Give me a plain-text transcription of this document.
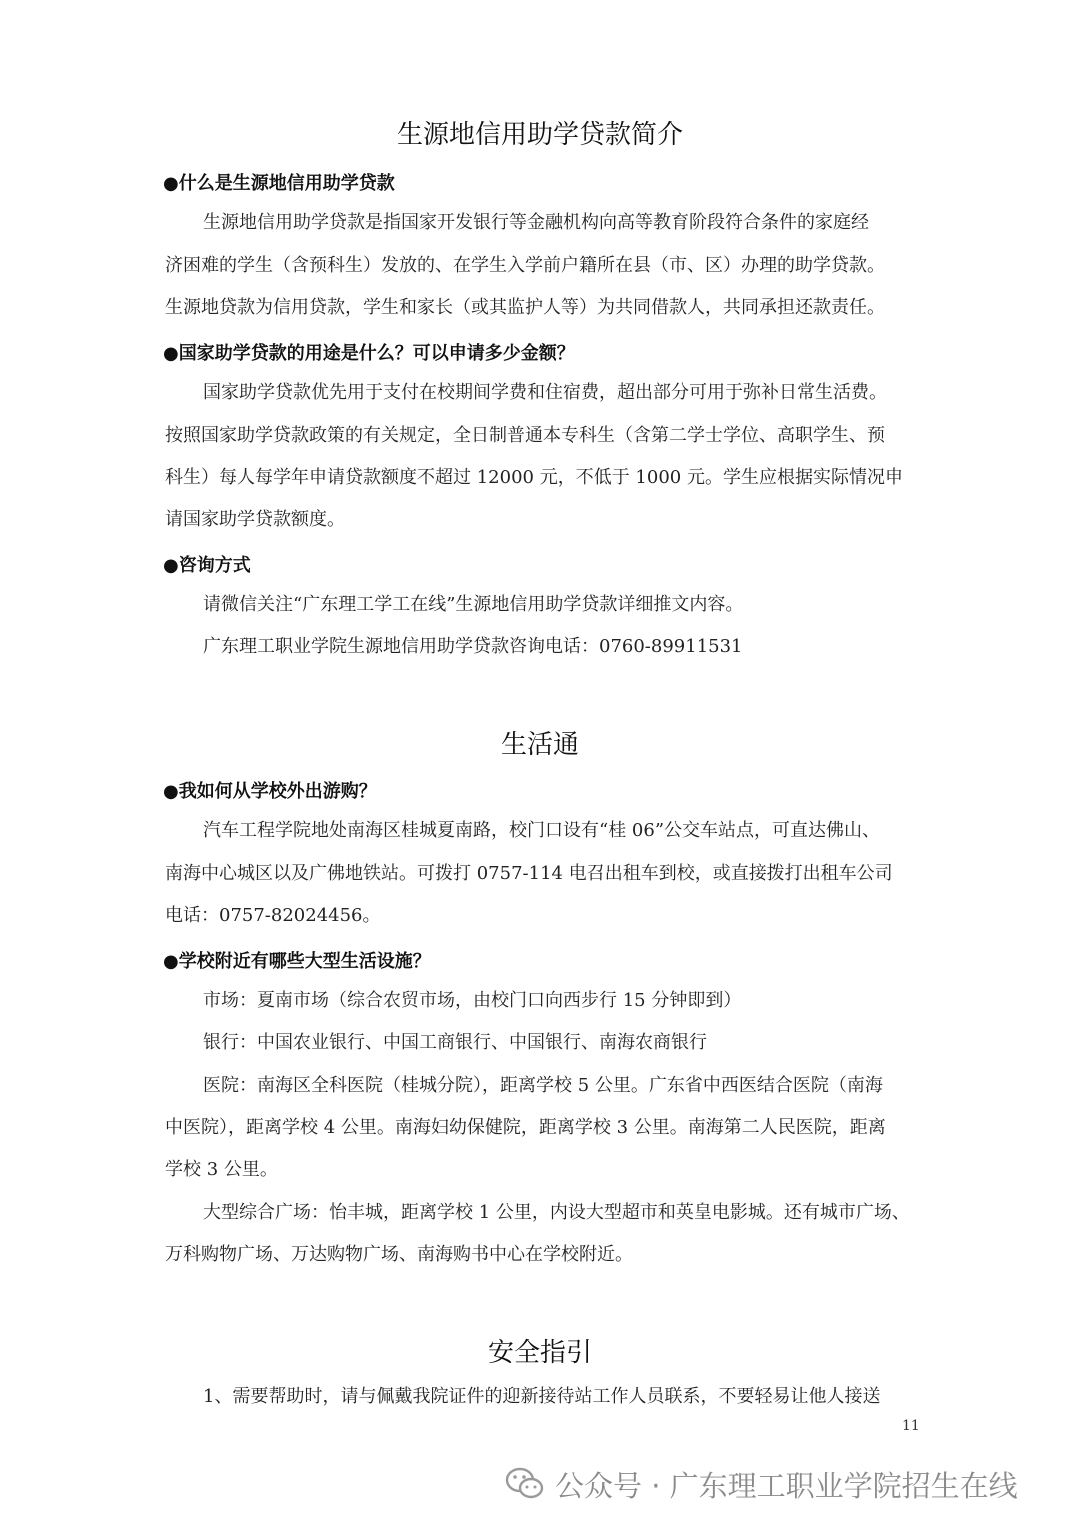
生源地信用助学贷款简介

●什么是生源地信用助学贷款

生源地信用助学贷款是指国家开发银行等金融机构向高等教育阶段符合条件的家庭经

济困难的学生（含预科生）发放的、在学生入学前户籍所在县（市、区）办理的助学贷款。

生源地贷款为信用贷款，学生和家长（或其监护人等）为共同借款人，共同承担还款责任。

●国家助学贷款的用途是什么？可以申请多少金额？

国家助学贷款优先用于支付在校期间学费和住宿费，超出部分可用于弥补日常生活费。

按照国家助学贷款政策的有关规定，全日制普通本专科生（含第二学士学位、高职学生、预

科生）每人每学年申请贷款额度不超过 12000 元，不低于 1000 元。学生应根据实际情况申

请国家助学贷款额度。

●咨询方式

请微信关注“广东理工学工在线”生源地信用助学贷款详细推文内容。

广东理工职业学院生源地信用助学贷款咨询电话：0760-89911531

生活通

●我如何从学校外出游购？

汽车工程学院地处南海区桂城夏南路，校门口设有“桂 06”公交车站点，可直达佛山、

南海中心城区以及广佛地铁站。可拨打 0757-114 电召出租车到校，或直接拨打出租车公司

电话：0757-82024456。

●学校附近有哪些大型生活设施？

市场：夏南市场（综合农贸市场，由校门口向西步行 15 分钟即到）

银行：中国农业银行、中国工商银行、中国银行、南海农商银行

医院：南海区全科医院（桂城分院），距离学校 5 公里。广东省中西医结合医院（南海

中医院），距离学校 4 公里。南海妇幼保健院，距离学校 3 公里。南海第二人民医院，距离

学校 3 公里。

大型综合广场：怡丰城，距离学校 1 公里，内设大型超市和英皇电影城。还有城市广场、

万科购物广场、万达购物广场、南海购书中心在学校附近。

安全指引

1、需要帮助时，请与佩戴我院证件的迎新接待站工作人员联系，不要轻易让他人接送

11
公众号 · 广东理工职业学院招生在线
